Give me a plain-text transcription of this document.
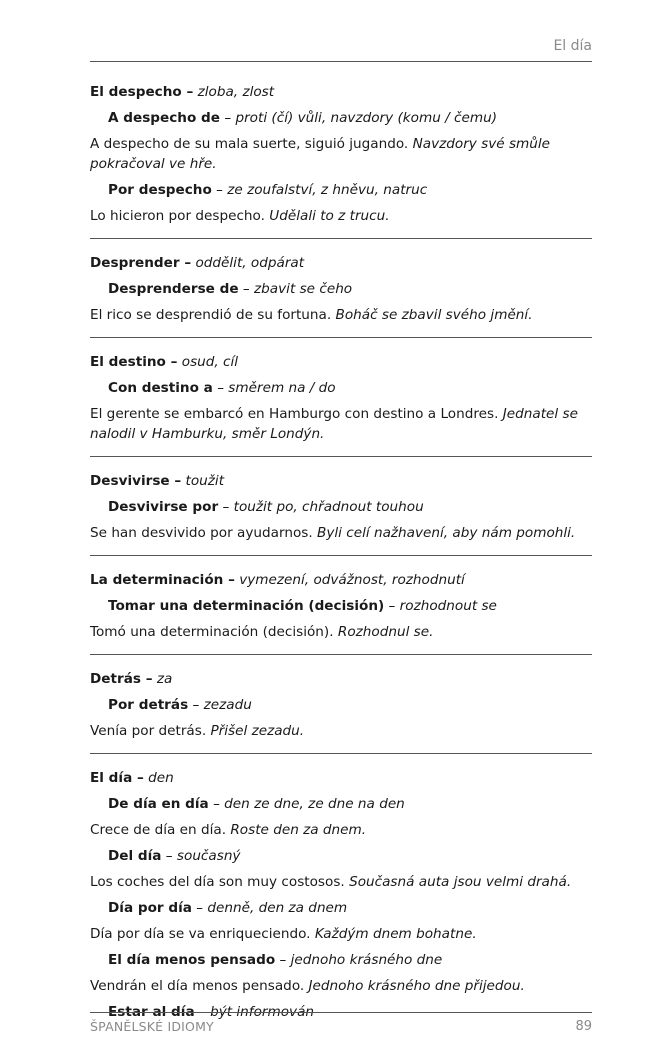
El día
El despecho – zloba, zlost
A despecho de – proti (čí) vůli, navzdory (komu / čemu)
A despecho de su mala suerte, siguió jugando. Navzdory své smůle pokračoval ve hře.
Por despecho – ze zoufalství, z hněvu, natruc
Lo hicieron por despecho. Udělali to z trucu.
Desprender – oddělit, odpárat
Desprenderse de – zbavit se čeho
El rico se desprendió de su fortuna. Boháč se zbavil svého jmění.
El destino – osud, cíl
Con destino a – směrem na / do
El gerente se embarcó en Hamburgo con destino a Londres. Jednatel se nalodil v Hamburku, směr Londýn.
Desvivirse – toužit
Desvivirse por – toužit po, chřadnout touhou
Se han desvivido por ayudarnos. Byli celí nažhavení, aby nám pomohli.
La determinación – vymezení, odvážnost, rozhodnutí
Tomar una determinación (decisión) – rozhodnout se
Tomó una determinación (decisión). Rozhodnul se.
Detrás – za
Por detrás – zezadu
Venía por detrás. Přišel zezadu.
El día – den
De día en día – den ze dne, ze dne na den
Crece de día en día. Roste den za dnem.
Del día – současný
Los coches del día son muy costosos. Současná auta jsou velmi drahá.
Día por día – denně, den za dnem
Día por día se va enriqueciendo. Každým dnem bohatne.
El día menos pensado – jednoho krásného dne
Vendrán el día menos pensado. Jednoho krásného dne přijedou.
Estar al día – být informován
ŠPANĚLSKÉ IDIOMY	89
